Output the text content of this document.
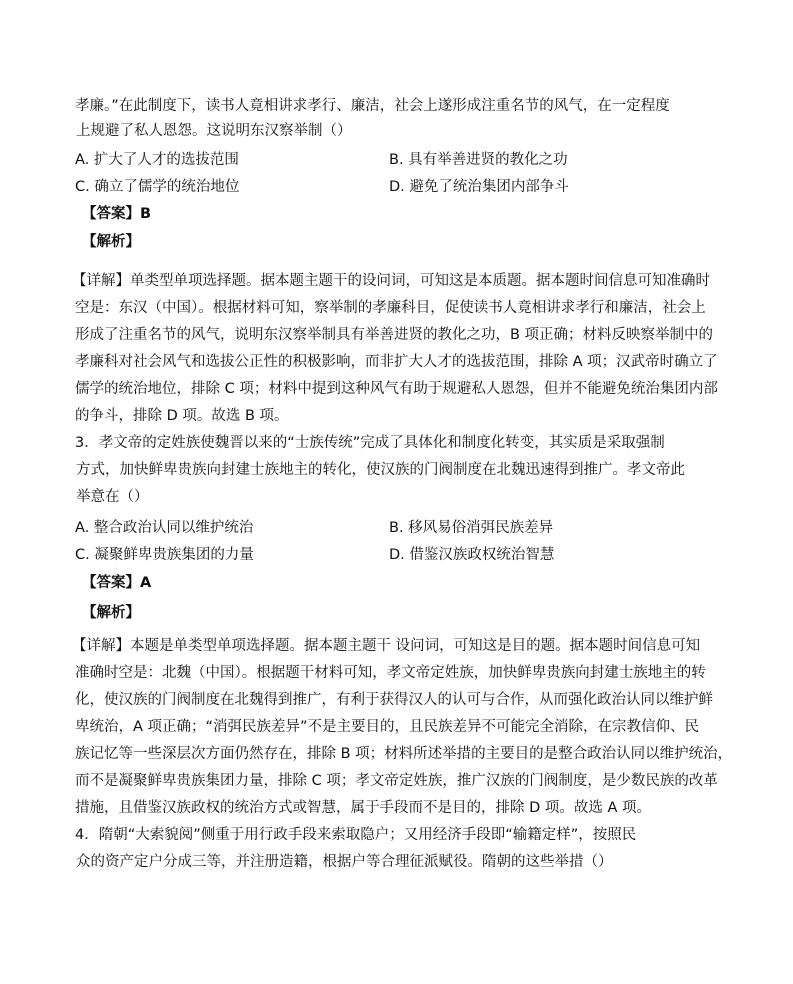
孝廉。”在此制度下，读书人竟相讲求孝行、廉洁，社会上遂形成注重名节的风气，在一定程度
上规避了私人恩怨。这说明东汉察举制（）
A. 扩大了人才的选拔范围	B. 具有举善进贤的教化之功
C. 确立了儒学的统治地位	D. 避免了统治集团内部争斗
【答案】B
【解析】
【详解】单类型单项选择题。据本题主题干的设问词，可知这是本质题。据本题时间信息可知准确时
空是：东汉（中国）。根据材料可知，察举制的孝廉科目，促使读书人竟相讲求孝行和廉洁，社会上
形成了注重名节的风气，说明东汉察举制具有举善进贤的教化之功，B 项正确；材料反映察举制中的
孝廉科对社会风气和选拔公正性的积极影响，而非扩大人才的选拔范围，排除 A 项；汉武帝时确立了
儒学的统治地位，排除 C 项；材料中提到这种风气有助于规避私人恩怨，但并不能避免统治集团内部
的争斗，排除 D 项。故选 B 项。
3．孝文帝的定姓族使魏晋以来的“士族传统”完成了具体化和制度化转变，其实质是采取强制
方式，加快鲜卑贵族向封建士族地主的转化，使汉族的门阀制度在北魏迅速得到推广。孝文帝此
举意在（）
A. 整合政治认同以维护统治	B. 移风易俗消弭民族差异
C. 凝聚鲜卑贵族集团的力量	D. 借鉴汉族政权统治智慧
【答案】A
【解析】
【详解】本题是单类型单项选择题。据本题主题干 设问词，可知这是目的题。据本题时间信息可知
准确时空是：北魏（中国）。根据题干材料可知，孝文帝定姓族，加快鲜卑贵族向封建士族地主的转
化，使汉族的门阀制度在北魏得到推广，有利于获得汉人的认可与合作，从而强化政治认同以维护鲜
卑统治，A 项正确；“消弭民族差异”不是主要目的，且民族差异不可能完全消除，在宗教信仰、民
族记忆等一些深层次方面仍然存在，排除 B 项；材料所述举措的主要目的是整合政治认同以维护统治，
而不是凝聚鲜卑贵族集团力量，排除 C 项；孝文帝定姓族，推广汉族的门阀制度，是少数民族的改革
措施，且借鉴汉族政权的统治方式或智慧，属于手段而不是目的，排除 D 项。故选 A 项。
4．隋朝“大索貌阅”侧重于用行政手段来索取隐户；又用经济手段即“输籍定样”，按照民
众的资产定户分成三等，并注册造籍，根据户等合理征派赋役。隋朝的这些举措（）
